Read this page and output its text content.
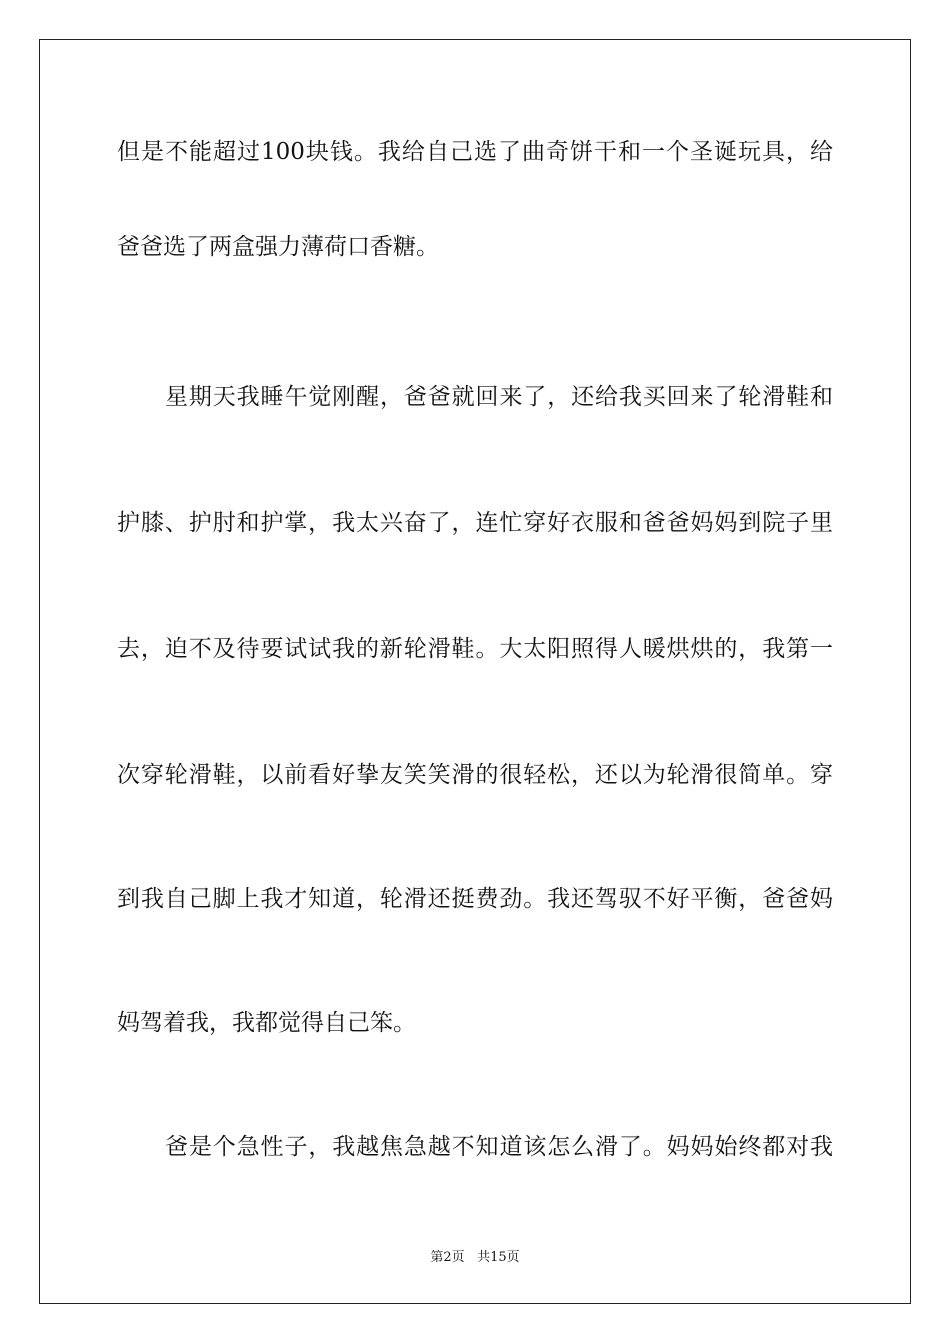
但是不能超过100块钱。我给自己选了曲奇饼干和一个圣诞玩具，给
爸爸选了两盒强力薄荷口香糖。
星期天我睡午觉刚醒，爸爸就回来了，还给我买回来了轮滑鞋和
护膝、护肘和护掌，我太兴奋了，连忙穿好衣服和爸爸妈妈到院子里
去，迫不及待要试试我的新轮滑鞋。大太阳照得人暖烘烘的，我第一
次穿轮滑鞋，以前看好挚友笑笑滑的很轻松，还以为轮滑很简单。穿
到我自己脚上我才知道，轮滑还挺费劲。我还驾驭不好平衡，爸爸妈
妈驾着我，我都觉得自己笨。
爸是个急性子，我越焦急越不知道该怎么滑了。妈妈始终都对我
第2页 共15页
